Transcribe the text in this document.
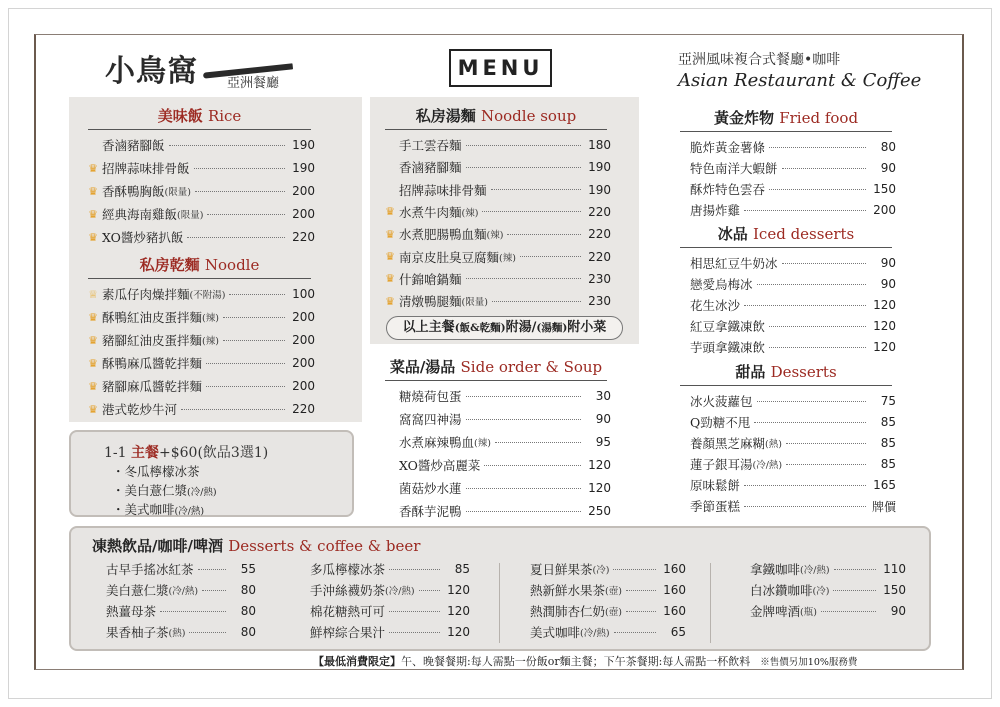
小鳥窩 亞洲餐廳
MENU	亞洲風味複合式餐廳•咖啡
Asian Restaurant & Coffee
1-1 主餐+$60(飲品3選1)
・冬瓜檸檬冰茶
・美白薏仁漿(冷/熱)
・美式咖啡(冷/熱)
美味飯 Rice
香滷豬腳飯	190
♛ 招牌蒜味排骨飯	190
♛ 香酥鴨胸飯 (限量)	200
♛ 經典海南雞飯 (限量)	200
♛ XO醬炒豬扒飯	220
私房乾麵 Noodle
♕ 素瓜仔肉燥拌麵 (不附湯)	100
♛ 酥鴨紅油皮蛋拌麵 (辣)	200
♛ 豬腳紅油皮蛋拌麵 (辣)	200
♛ 酥鴨麻瓜醬乾拌麵	200
♛ 豬腳麻瓜醬乾拌麵	200
♛ 港式乾炒牛河	220
私房湯麵 Noodle soup
手工雲吞麵	180
香滷豬腳麵	190
招牌蒜味排骨麵	190
♛ 水煮牛肉麵 (辣)	220
♛ 水煮肥腸鴨血麵 (辣)	220
♛ 南京皮肚臭豆腐麵 (辣)	220
♛ 什錦嗆鍋麵	230
♛ 清燉鴨腿麵 (限量)	230
以上主餐(飯&乾麵)附湯/(湯麵)附小菜
菜品/湯品 Side order & Soup
糖燒荷包蛋	30
窩窩四神湯	90
水煮麻辣鴨血 (辣)	95
XO醬炒高麗菜	120
菌菇炒水蓮	120
香酥芋泥鴨	250
黃金炸物 Fried food
脆炸黃金薯條	80
特色南洋大蝦餅	90
酥炸特色雲吞	150
唐揚炸雞	200
冰品 Iced desserts
相思紅豆牛奶冰	90
戀愛烏梅冰	90
花生冰沙	120
紅豆拿鐵凍飲	120
芋頭拿鐵凍飲	120
甜品 Desserts
冰火菠蘿包	75
Q勁糖不甩	85
養顏黑芝麻糊 (熱)	85
蓮子銀耳湯 (冷/熱)	85
原味鬆餅	165
季節蛋糕	牌價
凍熱飲品/咖啡/啤酒 Desserts & coffee & beer
古早手搖冰紅茶	55
美白薏仁漿 (冷/熱)	80
熱薑母茶	80
果香柚子茶 (熱)	80
多瓜檸檬冰茶	85
手沖絲襪奶茶 (冷/熱)	120
棉花糖熱可可	120
鮮榨綜合果汁	120
夏日鮮果茶 (冷)	160
熱新鮮水果茶 (壺)	160
熱潤肺杏仁奶 (壺)	160
美式咖啡 (冷/熱)	65
拿鐵咖啡 (冷/熱)	110
白冰鑽咖啡 (冷)	150
金牌啤酒 (瓶)	90
【最低消費限定】午、晚餐餐期:每人需點一份飯or麵主餐；下午茶餐期:每人需點一杯飲料 ※售價另加10%服務費
